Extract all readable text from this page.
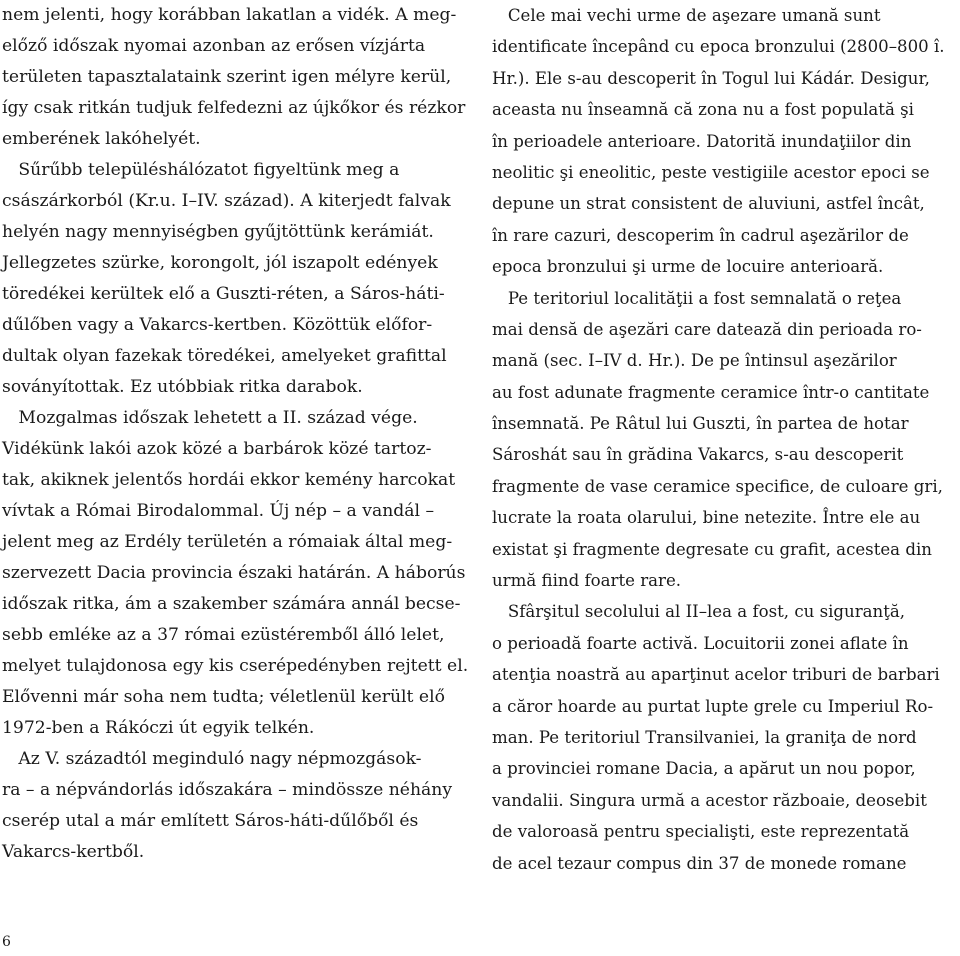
nem jelenti, hogy korábban lakatlan a vidék. A meg-
előző időszak nyomai azonban az erősen vízjárta
területen tapasztalataink szerint igen mélyre kerül,
így csak ritkán tudjuk felfedezni az újkőkor és rézkor
emberének lakóhelyét.
Sűrűbb településhálózatot figyeltünk meg a
császárkorból (Kr.u. I–IV. század). A kiterjedt falvak
helyén nagy mennyiségben gyűjtöttünk kerámiát.
Jellegzetes szürke, korongolt, jól iszapolt edények
töredékei kerültek elő a Guszti-réten, a Sáros-háti-
dűlőben vagy a Vakarcs-kertben. Közöttük előfor-
dultak olyan fazekak töredékei, amelyeket grafittal
soványítottak. Ez utóbbiak ritka darabok.
Mozgalmas időszak lehetett a II. század vége.
Vidékünk lakói azok közé a barbárok közé tartoz-
tak, akiknek jelentős hordái ekkor kemény harcokat
vívtak a Római Birodalommal. Új nép – a vandál –
jelent meg az Erdély területén a rómaiak által meg-
szervezett Dacia provincia északi határán. A háborús
időszak ritka, ám a szakember számára annál becse-
sebb emléke az a 37 római ezüstéremből álló lelet,
melyet tulajdonosa egy kis cserépedényben rejtett el.
Elővenni már soha nem tudta; véletlenül került elő
1972-ben a Rákóczi út egyik telkén.
Az V. századtól meginduló nagy népmozgások-
ra – a népvándorlás időszakára – mindössze néhány
cserép utal a már említett Sáros-háti-dűlőből és
Vakarcs-kertből.
Cele mai vechi urme de aşezare umană sunt
identificate începând cu epoca bronzului (2800–800 î.
Hr.). Ele s-au descoperit în Togul lui Kádár. Desigur,
aceasta nu înseamnă că zona nu a fost populată şi
în perioadele anterioare. Datorită inundaţiilor din
neolitic şi eneolitic, peste vestigiile acestor epoci se
depune un strat consistent de aluviuni, astfel încât,
în rare cazuri, descoperim în cadrul aşezărilor de
epoca bronzului şi urme de locuire anterioară.
Pe teritoriul localităţii a fost semnalată o reţea
mai densă de aşezări care datează din perioada ro-
mană (sec. I–IV d. Hr.). De pe întinsul aşezărilor
au fost adunate fragmente ceramice într-o cantitate
însemnată. Pe Râtul lui Guszti, în partea de hotar
Sároshát sau în grădina Vakarcs, s-au descoperit
fragmente de vase ceramice specifice, de culoare gri,
lucrate la roata olarului, bine netezite. Între ele au
existat şi fragmente degresate cu grafit, acestea din
urmă fiind foarte rare.
Sfârşitul secolului al II–lea a fost, cu siguranţă,
o perioadă foarte activă. Locuitorii zonei aflate în
atenţia noastră au aparţinut acelor triburi de barbari
a căror hoarde au purtat lupte grele cu Imperiul Ro-
man. Pe teritoriul Transilvaniei, la graniţa de nord
a provinciei romane Dacia, a apărut un nou popor,
vandalii. Singura urmă a acestor războaie, deosebit
de valoroasă pentru specialişti, este reprezentată
de acel tezaur compus din 37 de monede romane
6
